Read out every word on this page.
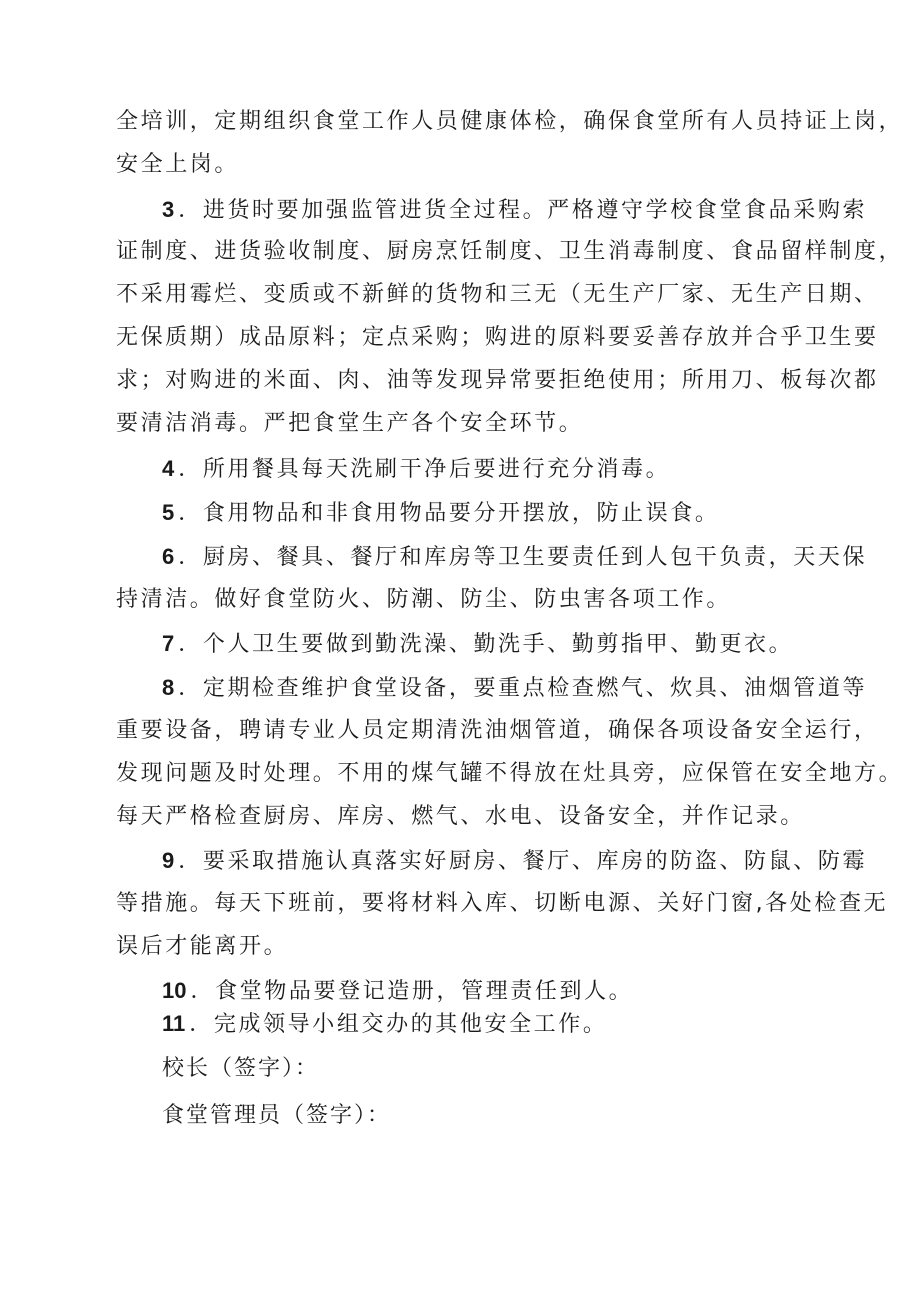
全培训，定期组织食堂工作人员健康体检，确保食堂所有人员持证上岗，

安全上岗。

3 ．进货时要加强监管进货全过程。严格遵守学校食堂食品采购索

证制度、进货验收制度、厨房烹饪制度、卫生消毒制度、食品留样制度，

不采用霉烂、变质或不新鲜的货物和三无（无生产厂家、无生产日期、

无保质期）成品原料；定点采购；购进的原料要妥善存放并合乎卫生要

求；对购进的米面、肉、油等发现异常要拒绝使用；所用刀、板每次都

要清洁消毒。严把食堂生产各个安全环节。

4 ．所用餐具每天洗刷干净后要进行充分消毒。

5 ．食用物品和非食用物品要分开摆放，防止误食。

6 ．厨房、餐具、餐厅和库房等卫生要责任到人包干负责，天天保

持清洁。做好食堂防火、防潮、防尘、防虫害各项工作。

7 ．个人卫生要做到勤洗澡、勤洗手、勤剪指甲、勤更衣。

8 ．定期检查维护食堂设备，要重点检查燃气、炊具、油烟管道等

重要设备，聘请专业人员定期清洗油烟管道，确保各项设备安全运行，

发现问题及时处理。不用的煤气罐不得放在灶具旁，应保管在安全地方。

每天严格检查厨房、库房、燃气、水电、设备安全，并作记录。

9 ．要采取措施认真落实好厨房、餐厅、库房的防盗、防鼠、防霉

等措施。每天下班前，要将材料入库、切断电源、关好门窗,各处检查无

误后才能离开。

10 ．食堂物品要登记造册，管理责任到人。

11 ．完成领导小组交办的其他安全工作。

校长（签字）：

食堂管理员（签字）：
